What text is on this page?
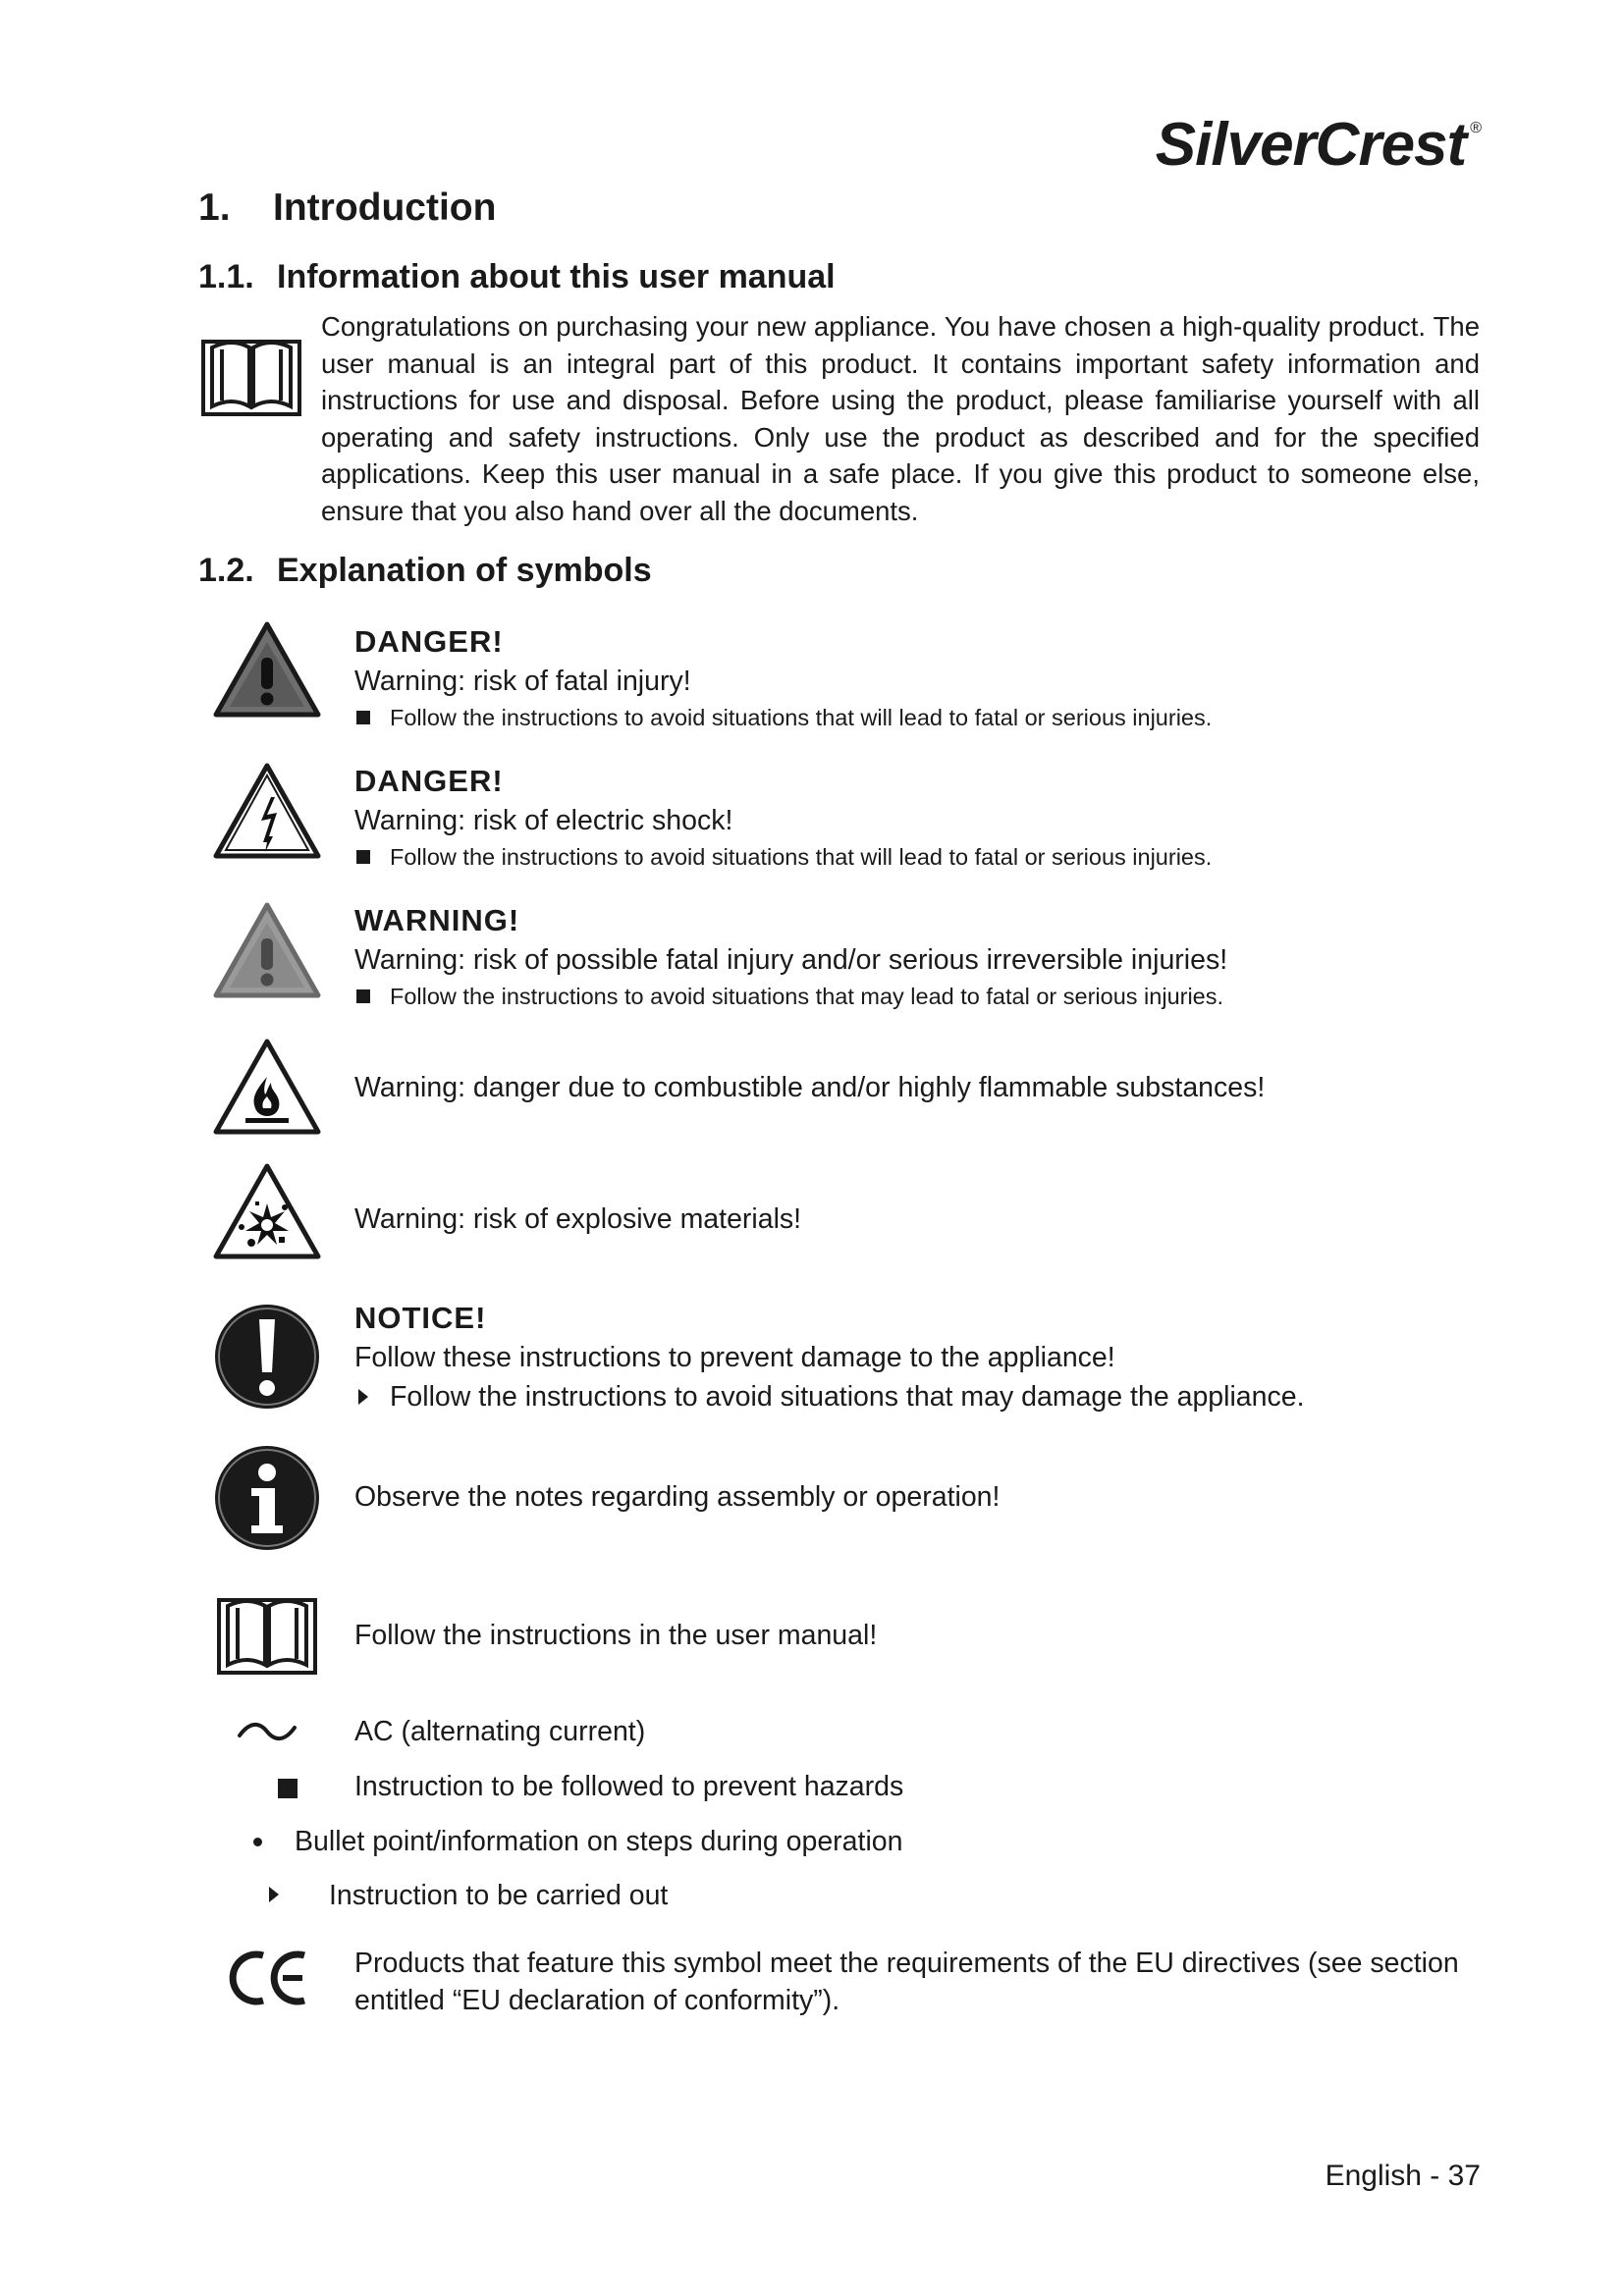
SilverCrest ®
1. Introduction
1.1. Information about this user manual
Congratulations on purchasing your new appliance. You have chosen a high-quality product. The user manual is an integral part of this product. It contains important safety information and instructions for use and disposal. Before using the product, please familiarise yourself with all operating and safety instructions. Only use the product as described and for the specified applications. Keep this user manual in a safe place. If you give this product to someone else, ensure that you also hand over all the documents.
1.2. Explanation of symbols
DANGER!
Warning: risk of fatal injury!
Follow the instructions to avoid situations that will lead to fatal or serious injuries.
DANGER!
Warning: risk of electric shock!
Follow the instructions to avoid situations that will lead to fatal or serious injuries.
WARNING!
Warning: risk of possible fatal injury and/or serious irreversible injuries!
Follow the instructions to avoid situations that may lead to fatal or serious injuries.
Warning: danger due to combustible and/or highly flammable substances!
Warning: risk of explosive materials!
NOTICE!
Follow these instructions to prevent damage to the appliance!
Follow the instructions to avoid situations that may damage the appliance.
Observe the notes regarding assembly or operation!
Follow the instructions in the user manual!
AC (alternating current)
Instruction to be followed to prevent hazards
Bullet point/information on steps during operation
Instruction to be carried out
Products that feature this symbol meet the requirements of the EU directives (see section entitled “EU declaration of conformity”).
English - 37
